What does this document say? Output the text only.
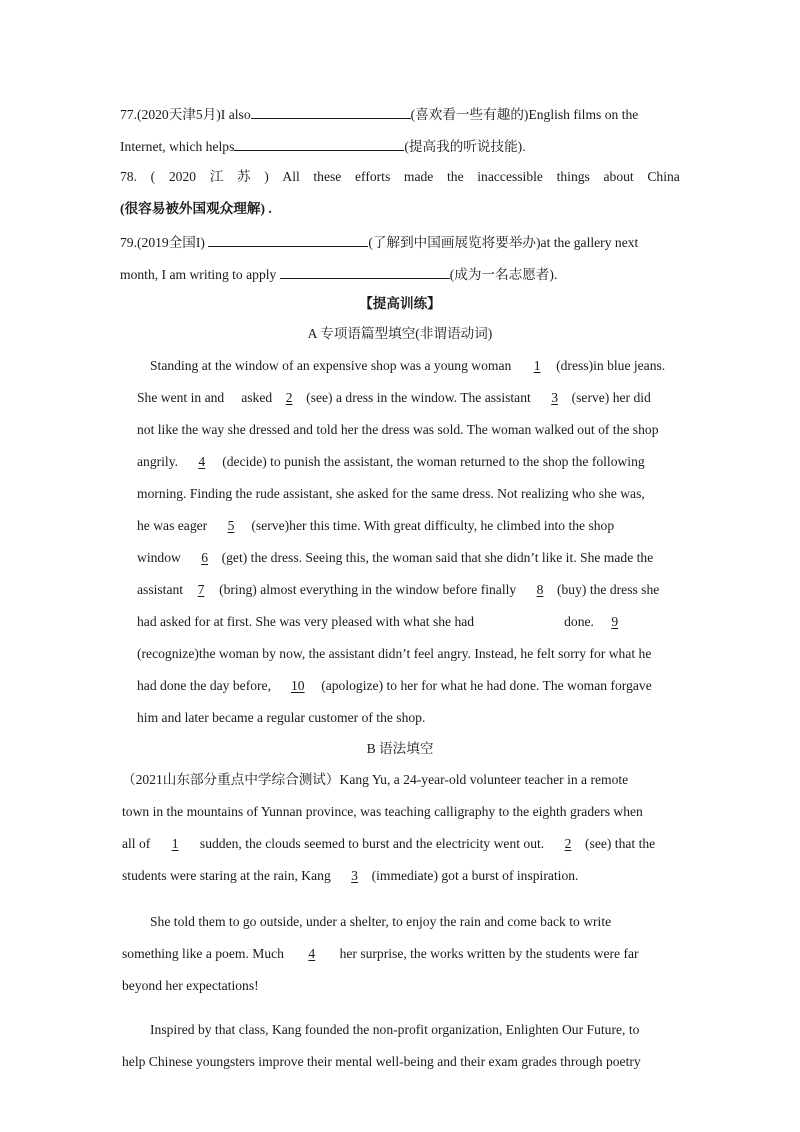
77.(2020天津5月)I also	(喜欢看一些有趣的)English films on the
Internet, which helps	(提高我的听说技能).
78. ( 2020 江 苏 ) All these efforts made the inaccessible things about China
(很容易被外国观众理解) .
79.(2019全国I)	(了解到中国画展览将要举办)at the gallery next
month, I am writing to apply	(成为一名志愿者).
【提高训练】
A 专项语篇型填空(非谓语动词)
Standing at the window of an expensive shop was a young woman 1 (dress)in blue jeans.
She went in and asked 2 (see) a dress in the window. The assistant 3 (serve) her did
not like the way she dressed and told her the dress was sold. The woman walked out of the shop
angrily. 4 (decide) to punish the assistant, the woman returned to the shop the following
morning. Finding the rude assistant, she asked for the same dress. Not realizing who she was,
he was eager 5 (serve)her this time. With great difficulty, he climbed into the shop
window 6 (get) the dress. Seeing this, the woman said that she didn’t like it. She made the
assistant 7 (bring) almost everything in the window before finally 8 (buy) the dress she
had asked for at first. She was very pleased with what she had	done. 9
(recognize)the woman by now, the assistant didn’t feel angry. Instead, he felt sorry for what he
had done the day before, 10 (apologize) to her for what he had done. The woman forgave
him and later became a regular customer of the shop.
B 语法填空
（2021山东部分重点中学综合测试）Kang Yu, a 24-year-old volunteer teacher in a remote
town in the mountains of Yunnan province, was teaching calligraphy to the eighth graders when
all of 1 sudden, the clouds seemed to burst and the electricity went out. 2 (see) that the
students were staring at the rain, Kang 3 (immediate) got a burst of inspiration.
She told them to go outside, under a shelter, to enjoy the rain and come back to write
something like a poem. Much 4 her surprise, the works written by the students were far
beyond her expectations!
Inspired by that class, Kang founded the non-profit organization, Enlighten Our Future, to
help Chinese youngsters improve their mental well-being and their exam grades through poetry
